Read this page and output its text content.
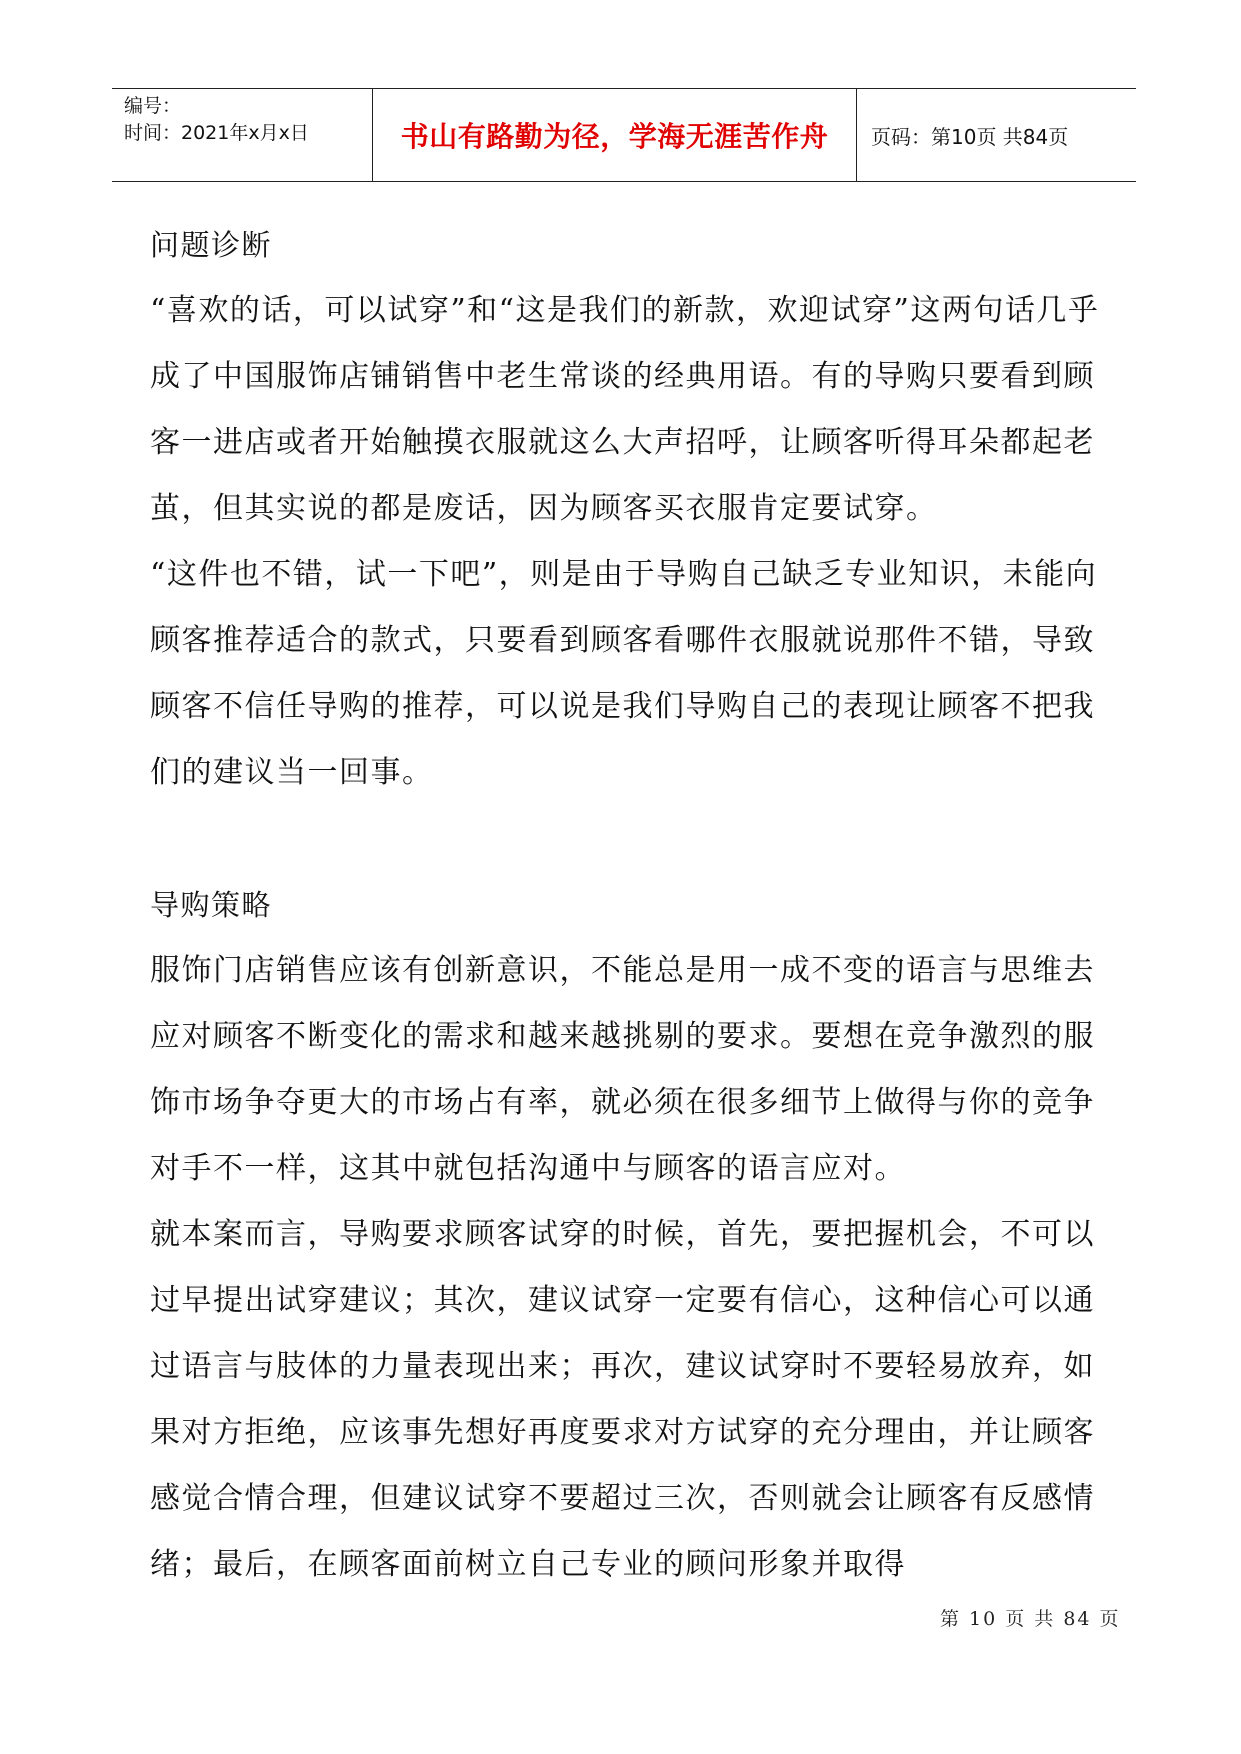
编号：
时间：2021年x月x日	书山有路勤为径，学海无涯苦作舟	页码：第10页 共84页

问题诊断

“喜欢的话，可以试穿”和“这是我们的新款，欢迎试穿”这两句话几乎成了中国服饰店铺销售中老生常谈的经典用语。有的导购只要看到顾客一进店或者开始触摸衣服就这么大声招呼，让顾客听得耳朵都起老茧，但其实说的都是废话，因为顾客买衣服肯定要试穿。

“这件也不错，试一下吧”，则是由于导购自己缺乏专业知识，未能向顾客推荐适合的款式，只要看到顾客看哪件衣服就说那件不错，导致顾客不信任导购的推荐，可以说是我们导购自己的表现让顾客不把我们的建议当一回事。

导购策略

服饰门店销售应该有创新意识，不能总是用一成不变的语言与思维去应对顾客不断变化的需求和越来越挑剔的要求。要想在竞争激烈的服饰市场争夺更大的市场占有率，就必须在很多细节上做得与你的竞争对手不一样，这其中就包括沟通中与顾客的语言应对。

就本案而言，导购要求顾客试穿的时候，首先，要把握机会，不可以过早提出试穿建议；其次，建议试穿一定要有信心，这种信心可以通过语言与肢体的力量表现出来；再次，建议试穿时不要轻易放弃，如果对方拒绝，应该事先想好再度要求对方试穿的充分理由，并让顾客感觉合情合理，但建议试穿不要超过三次，否则就会让顾客有反感情绪；最后，在顾客面前树立自己专业的顾问形象并取得

第 10 页 共 84 页
